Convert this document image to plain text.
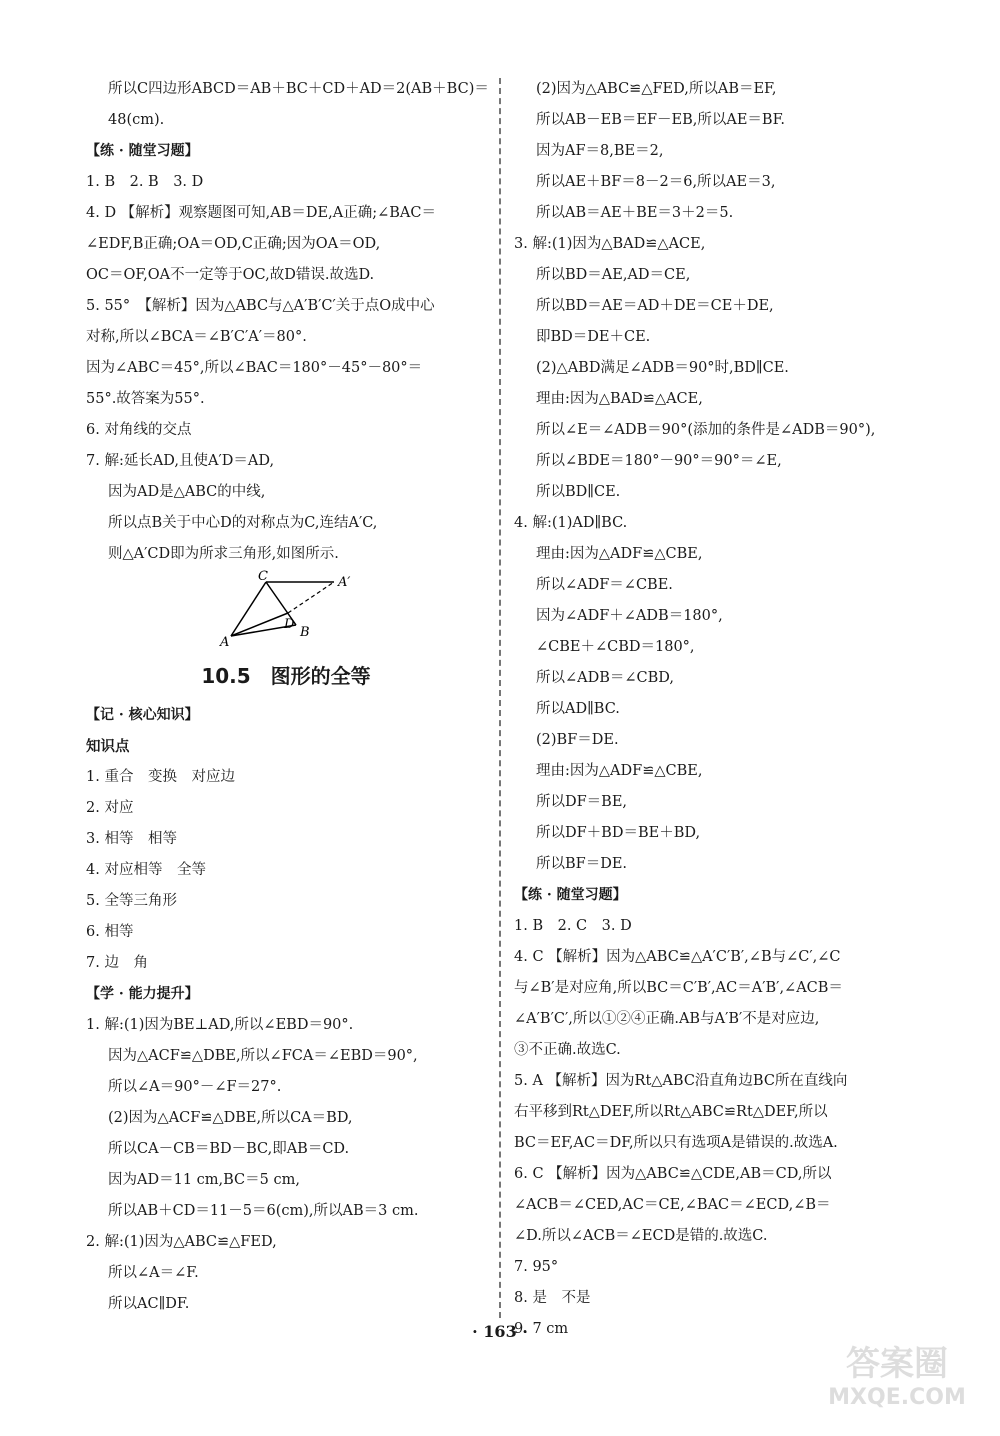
所以C四边形ABCD＝AB＋BC＋CD＋AD＝2(AB＋BC)＝
48(cm).
【练 · 随堂习题】
1. B　2. B　3. D
4. D 【解析】观察题图可知,AB＝DE,A正确;∠BAC＝
∠EDF,B正确;OA＝OD,C正确;因为OA＝OD,
OC＝OF,OA不一定等于OC,故D错误.故选D.
5. 55°　【解析】因为△ABC与△A′B′C′关于点O成中心
对称,所以∠BCA＝∠B′C′A′＝80°.
因为∠ABC＝45°,所以∠BAC＝180°－45°－80°＝
55°.故答案为55°.
6. 对角线的交点
7. 解:延长AD,且使A′D＝AD,
因为AD是△ABC的中线,
所以点B关于中心D的对称点为C,连结A′C,
则△A′CD即为所求三角形,如图所示.
A
B
C
D
A′
10.5　图形的全等
【记 · 核心知识】
知识点
1. 重合　变换　对应边
2. 对应
3. 相等　相等
4. 对应相等　全等
5. 全等三角形
6. 相等
7. 边　角
【学 · 能力提升】
1. 解:(1)因为BE⊥AD,所以∠EBD＝90°.
因为△ACF≌△DBE,所以∠FCA＝∠EBD＝90°,
所以∠A＝90°－∠F＝27°.
(2)因为△ACF≌△DBE,所以CA＝BD,
所以CA－CB＝BD－BC,即AB＝CD.
因为AD＝11 cm,BC＝5 cm,
所以AB＋CD＝11－5＝6(cm),所以AB＝3 cm.
2. 解:(1)因为△ABC≌△FED,
所以∠A＝∠F.
所以AC∥DF.
(2)因为△ABC≌△FED,所以AB＝EF,
所以AB－EB＝EF－EB,所以AE＝BF.
因为AF＝8,BE＝2,
所以AE＋BF＝8－2＝6,所以AE＝3,
所以AB＝AE＋BE＝3＋2＝5.
3. 解:(1)因为△BAD≌△ACE,
所以BD＝AE,AD＝CE,
所以BD＝AE＝AD＋DE＝CE＋DE,
即BD＝DE＋CE.
(2)△ABD满足∠ADB＝90°时,BD∥CE.
理由:因为△BAD≌△ACE,
所以∠E＝∠ADB＝90°(添加的条件是∠ADB＝90°),
所以∠BDE＝180°－90°＝90°＝∠E,
所以BD∥CE.
4. 解:(1)AD∥BC.
理由:因为△ADF≌△CBE,
所以∠ADF＝∠CBE.
因为∠ADF＋∠ADB＝180°,
∠CBE＋∠CBD＝180°,
所以∠ADB＝∠CBD,
所以AD∥BC.
(2)BF＝DE.
理由:因为△ADF≌△CBE,
所以DF＝BE,
所以DF＋BD＝BE＋BD,
所以BF＝DE.
【练 · 随堂习题】
1. B　2. C　3. D
4. C 【解析】因为△ABC≌△A′C′B′,∠B与∠C′,∠C
与∠B′是对应角,所以BC＝C′B′,AC＝A′B′,∠ACB＝
∠A′B′C′,所以①②④正确.AB与A′B′不是对应边,
③不正确.故选C.
5. A 【解析】因为Rt△ABC沿直角边BC所在直线向
右平移到Rt△DEF,所以Rt△ABC≌Rt△DEF,所以
BC＝EF,AC＝DF,所以只有选项A是错误的.故选A.
6. C 【解析】因为△ABC≌△CDE,AB＝CD,所以
∠ACB＝∠CED,AC＝CE,∠BAC＝∠ECD,∠B＝
∠D.所以∠ACB＝∠ECD是错的.故选C.
7. 95°
8. 是　不是
9. 7 cm
· 163 ·
答案圈
MXQE.COM
